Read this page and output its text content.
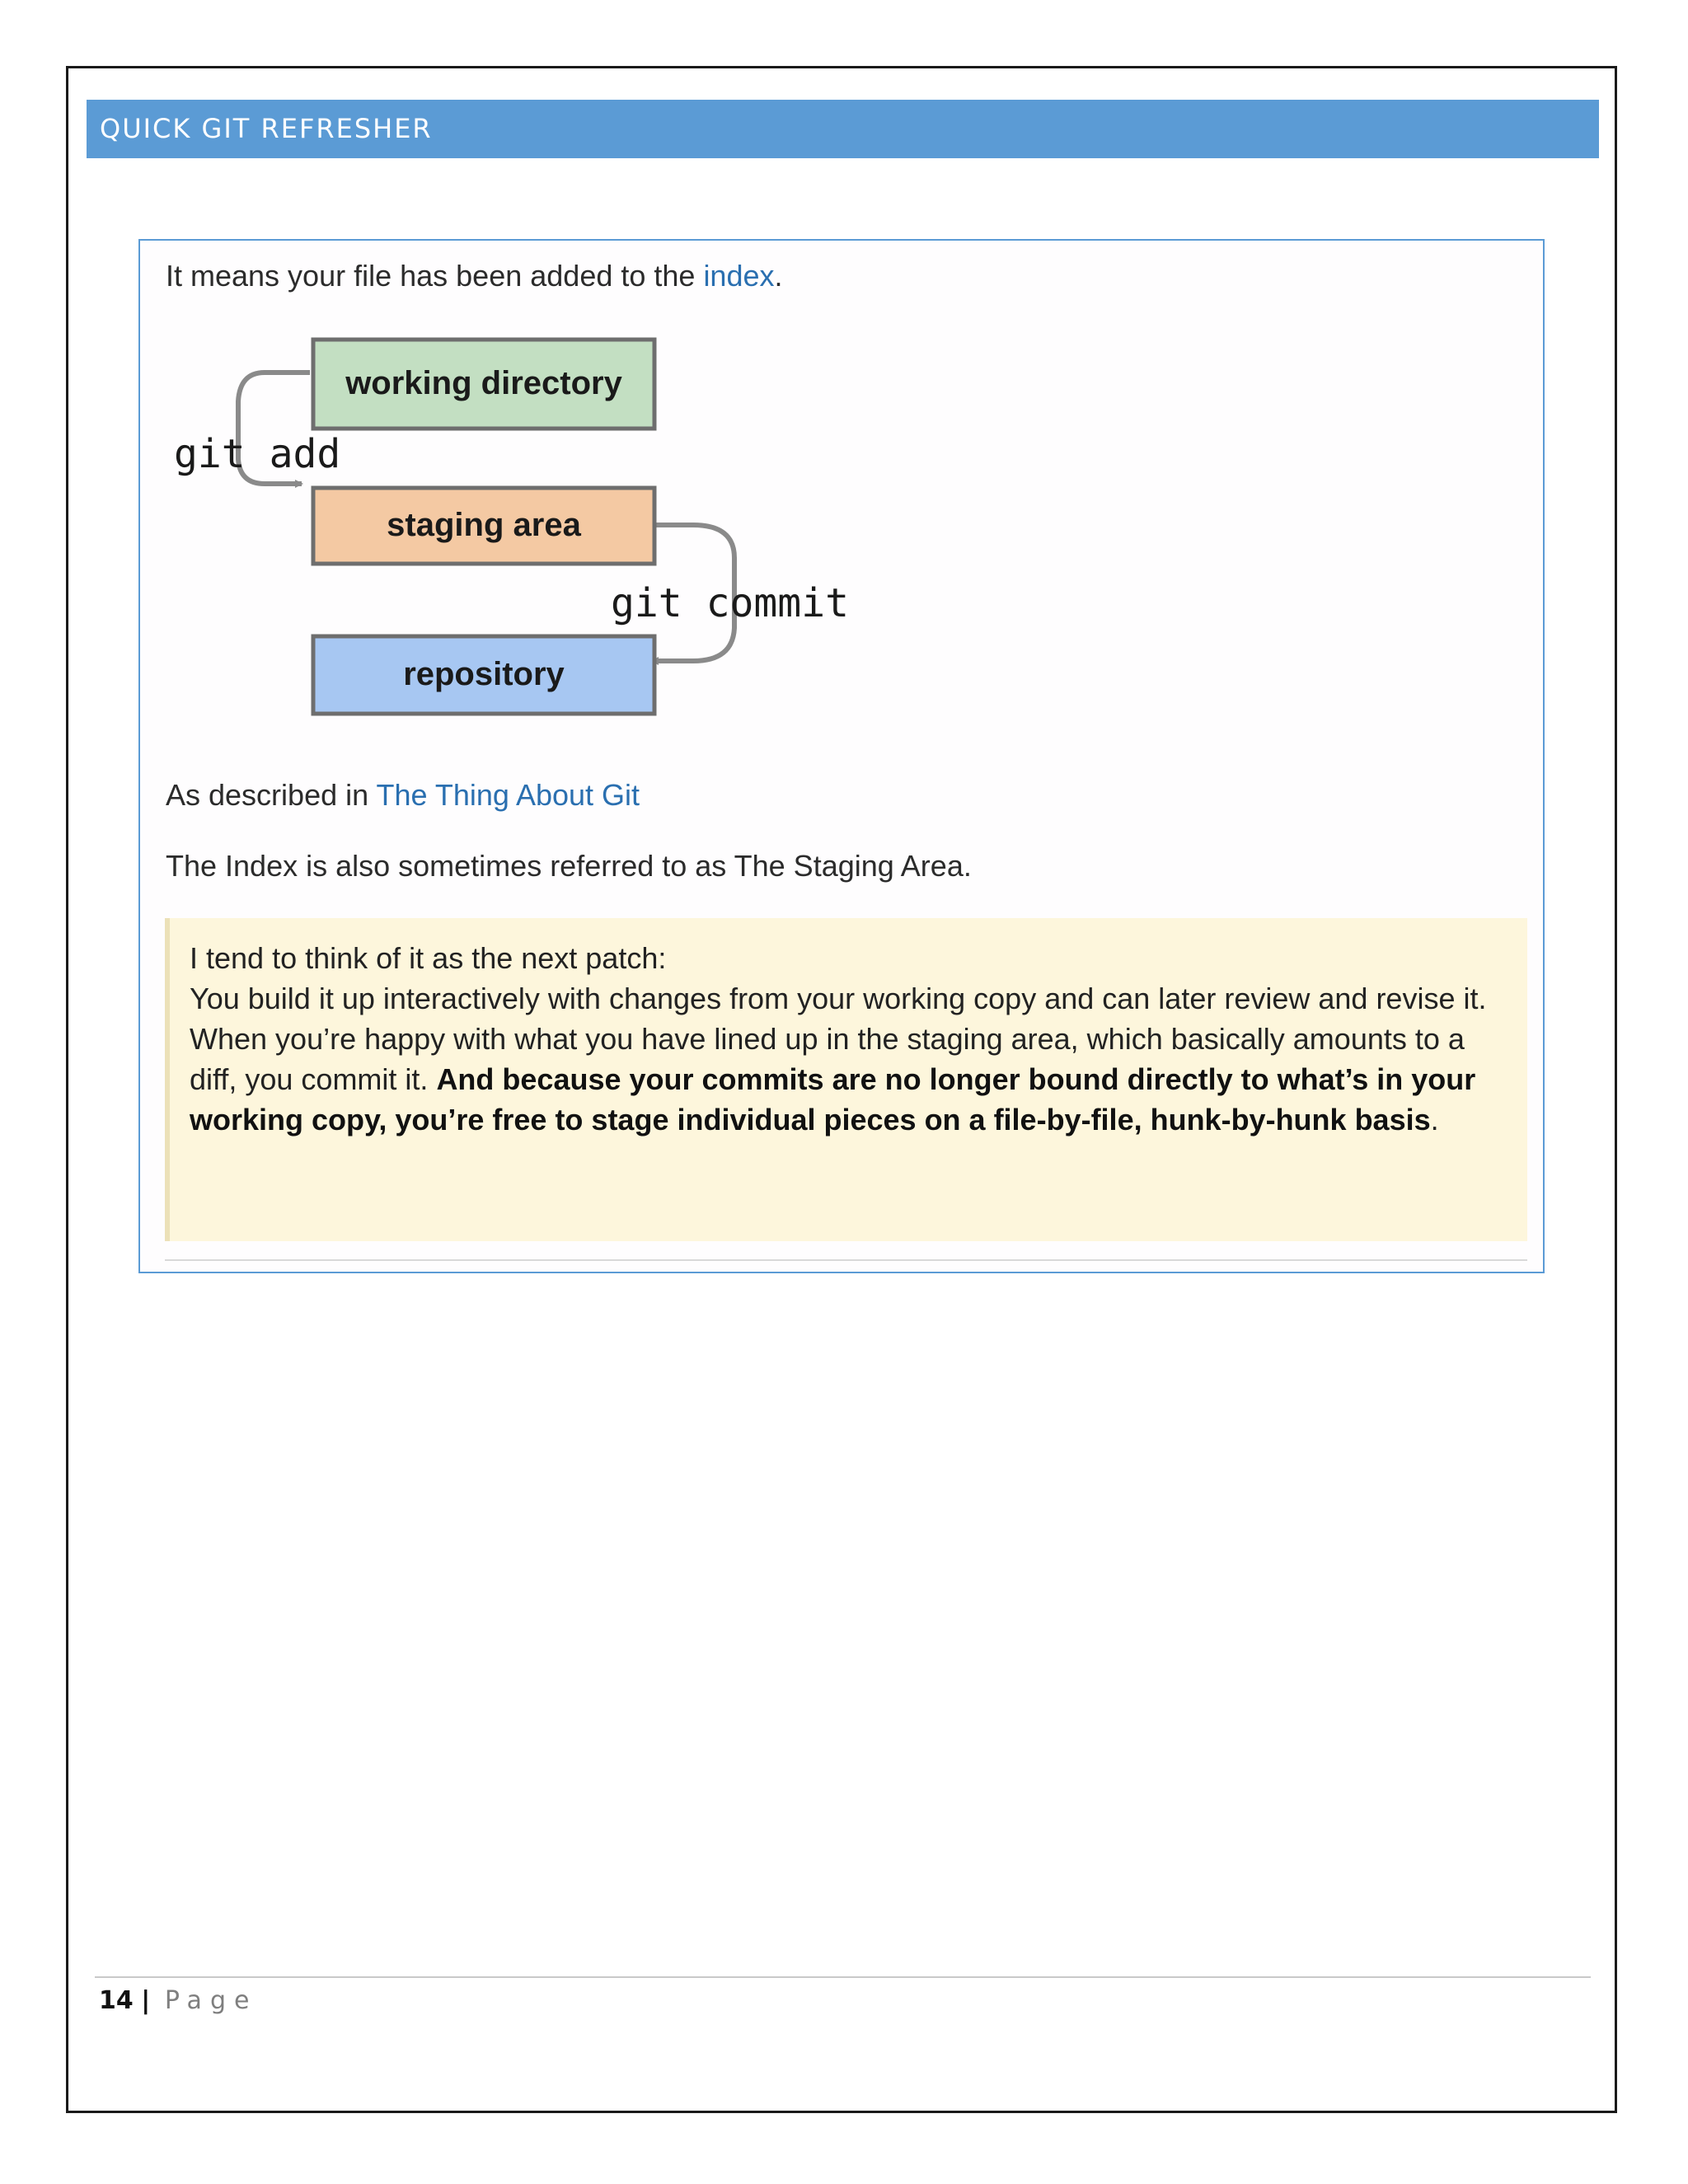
QUICK GIT REFRESHER
It means your file has been added to the index.
working directory
staging area
repository
git add
git commit
As described in The Thing About Git
The Index is also sometimes referred to as The Staging Area.

I tend to think of it as the next patch:

You build it up interactively with changes from your working copy and can later review and revise it.

When you’re happy with what you have lined up in the staging area, which basically amounts to a diff, you commit it. And because your commits are no longer bound directly to what’s in your working copy, you’re free to stage individual pieces on a file-by-file, hunk-by-hunk basis.

14 | Page
